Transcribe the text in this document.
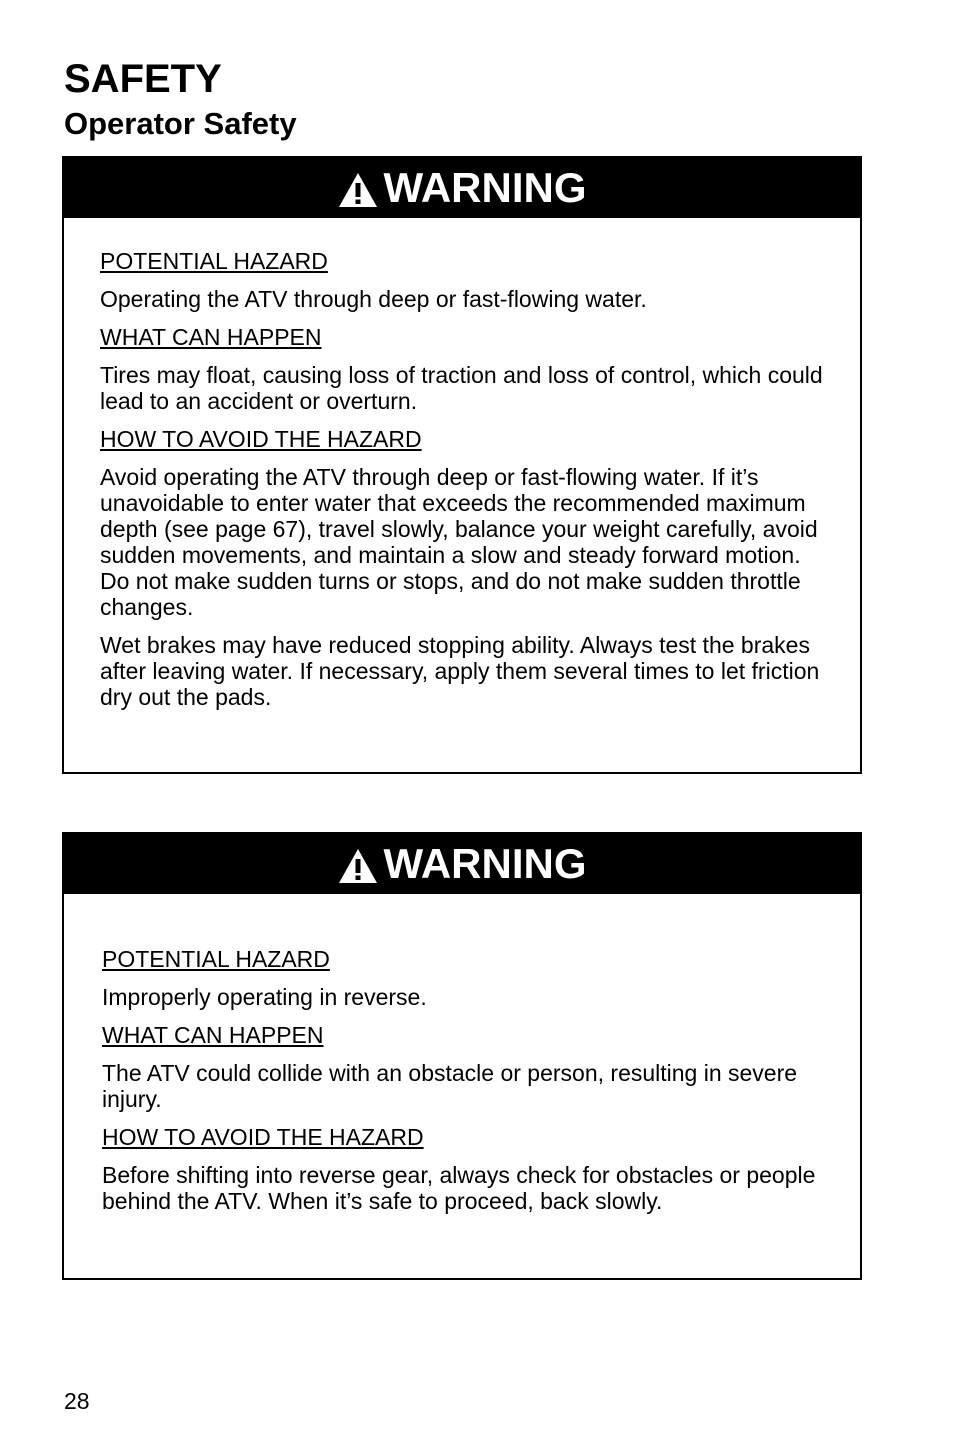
SAFETY
Operator Safety
WARNING

POTENTIAL HAZARD

Operating the ATV through deep or fast-flowing water.

WHAT CAN HAPPEN

Tires may float, causing loss of traction and loss of control, which could lead to an accident or overturn.

HOW TO AVOID THE HAZARD

Avoid operating the ATV through deep or fast-flowing water. If it’s unavoidable to enter water that exceeds the recommended maximum depth (see page 67), travel slowly, balance your weight carefully, avoid sudden movements, and maintain a slow and steady forward motion. Do not make sudden turns or stops, and do not make sudden throttle changes.

Wet brakes may have reduced stopping ability. Always test the brakes after leaving water. If necessary, apply them several times to let friction dry out the pads.

WARNING

POTENTIAL HAZARD

Improperly operating in reverse.

WHAT CAN HAPPEN

The ATV could collide with an obstacle or person, resulting in severe injury.

HOW TO AVOID THE HAZARD

Before shifting into reverse gear, always check for obstacles or people behind the ATV. When it’s safe to proceed, back slowly.

28
